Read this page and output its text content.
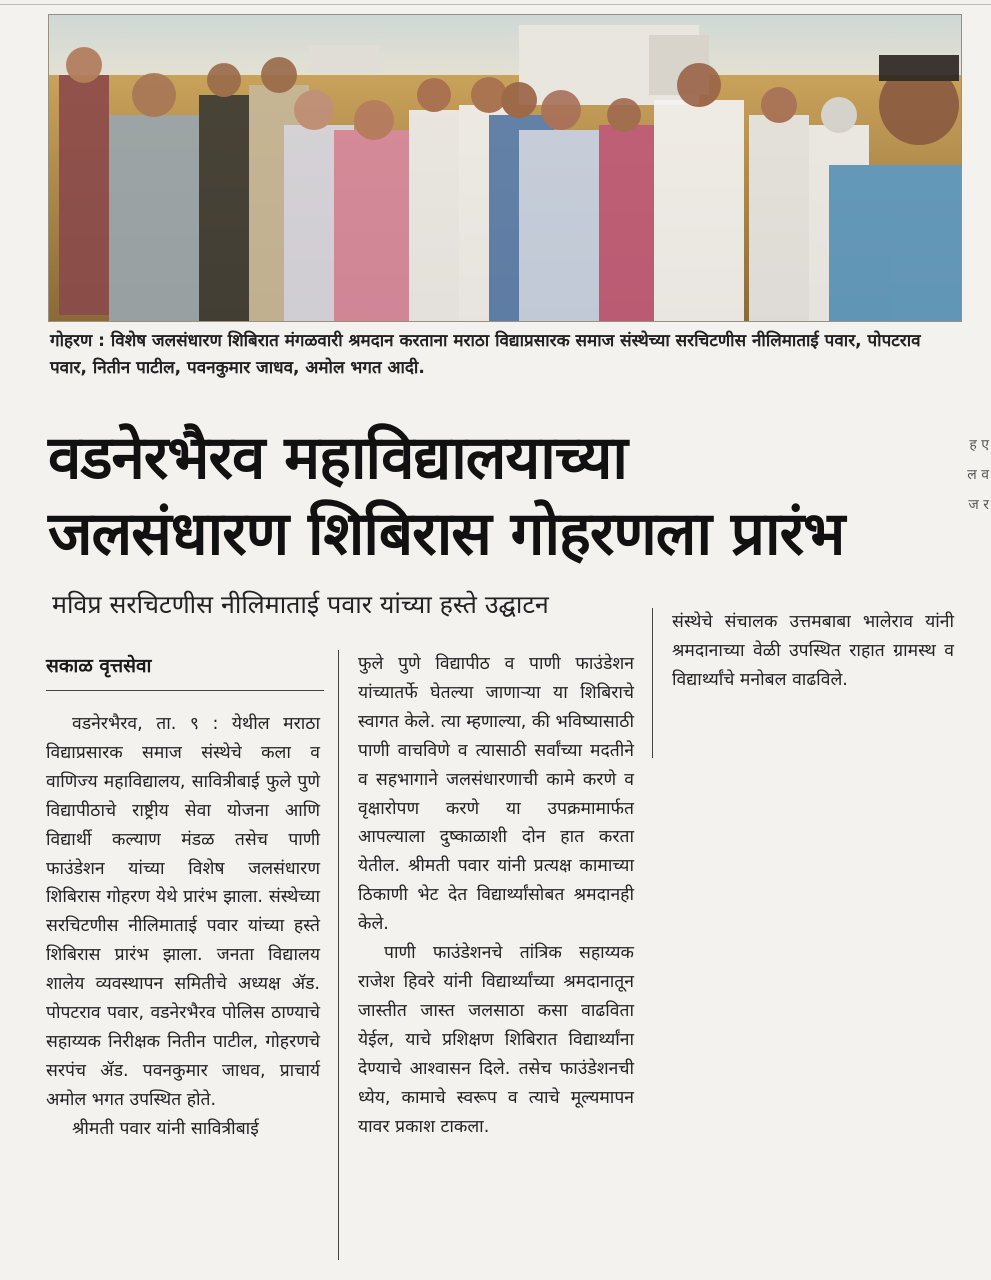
गोहरण : विशेष जलसंधारण शिबिरात मंगळवारी श्रमदान करताना मराठा विद्याप्रसारक समाज संस्थेच्या सरचिटणीस नीलिमाताई पवार, पोपटराव पवार, नितीन पाटील, पवनकुमार जाधव, अमोल भगत आदी.
वडनेरभैरव महाविद्यालयाच्या
जलसंधारण शिबिरास गोहरणला प्रारंभ
मविप्र सरचिटणीस नीलिमाताई पवार यांच्या हस्ते उद्घाटन
सकाळ वृत्तसेवा

वडनेरभैरव, ता. ९ : येथील मराठा विद्याप्रसारक समाज संस्थेचे कला व वाणिज्य महाविद्यालय, सावित्रीबाई फुले पुणे विद्यापीठाचे राष्ट्रीय सेवा योजना आणि विद्यार्थी कल्याण मंडळ तसेच पाणी फाउंडेशन यांच्या विशेष जलसंधारण शिबिरास गोहरण येथे प्रारंभ झाला. संस्थेच्या सरचिटणीस नीलिमाताई पवार यांच्या हस्ते शिबिरास प्रारंभ झाला. जनता विद्यालय शालेय व्यवस्थापन समितीचे अध्यक्ष ॲड. पोपटराव पवार, वडनेरभैरव पोलिस ठाण्याचे सहाय्यक निरीक्षक नितीन पाटील, गोहरणचे सरपंच ॲड. पवनकुमार जाधव, प्राचार्य अमोल भगत उपस्थित होते.

श्रीमती पवार यांनी सावित्रीबाई

फुले पुणे विद्यापीठ व पाणी फाउंडेशन यांच्यातर्फे घेतल्या जाणाऱ्या या शिबिराचे स्वागत केले. त्या म्हणाल्या, की भविष्यासाठी पाणी वाचविणे व त्यासाठी सर्वांच्या मदतीने व सहभागाने जलसंधारणाची कामे करणे व वृक्षारोपण करणे या उपक्रमामार्फत आपल्याला दुष्काळाशी दोन हात करता येतील. श्रीमती पवार यांनी प्रत्यक्ष कामाच्या ठिकाणी भेट देत विद्यार्थ्यांसोबत श्रमदानही केले.

पाणी फाउंडेशनचे तांत्रिक सहाय्यक राजेश हिवरे यांनी विद्यार्थ्यांच्या श्रमदानातून जास्तीत जास्त जलसाठा कसा वाढविता येईल, याचे प्रशिक्षण शिबिरात विद्यार्थ्यांना देण्याचे आश्वासन दिले. तसेच फाउंडेशनची ध्येय, कामाचे स्वरूप व त्याचे मूल्यमापन यावर प्रकाश टाकला.

संस्थेचे संचालक उत्तमबाबा भालेराव यांनी श्रमदानाच्या वेळी उपस्थित राहात ग्रामस्थ व विद्यार्थ्यांचे मनोबल वाढविले.

ह ए ल व ज र
